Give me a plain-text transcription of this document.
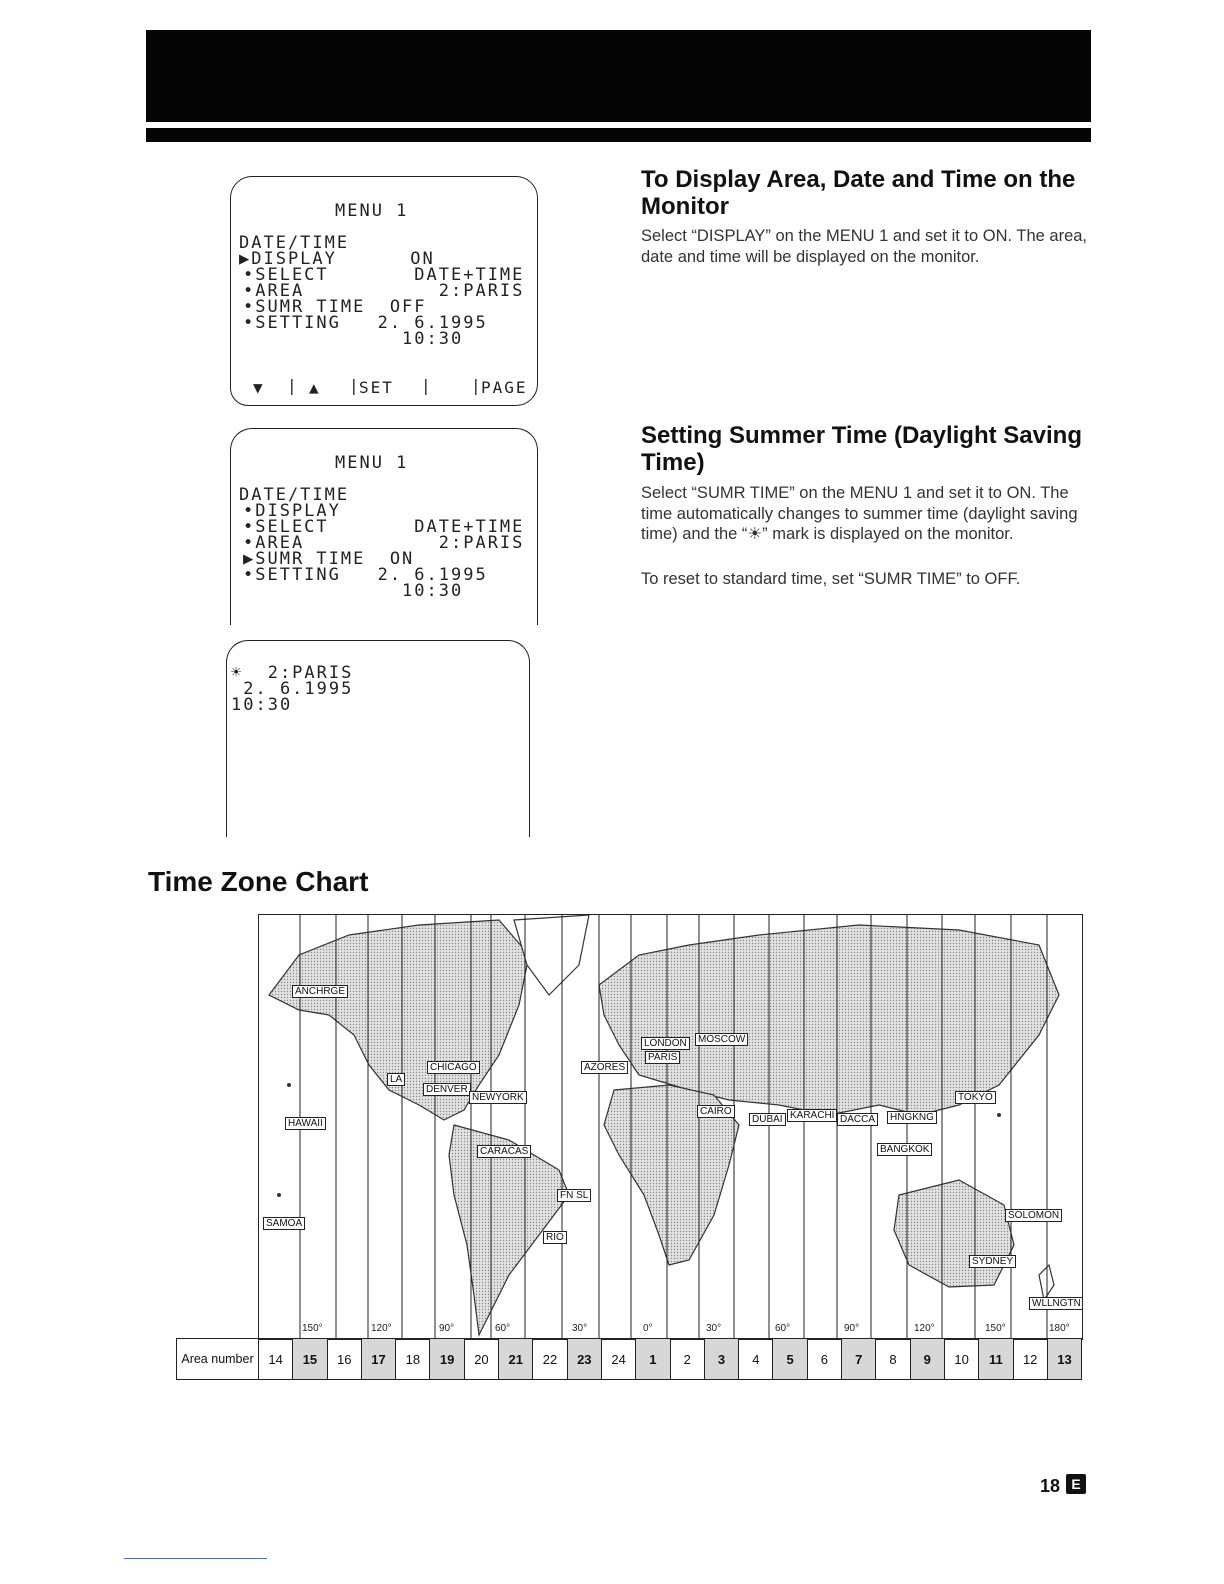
MENU 1
DATE/TIME
▶DISPLAY      ON
•SELECT       DATE+TIME
•AREA           2:PARIS
•SUMR TIME  OFF
•SETTING   2. 6.1995
10:30
▼ | ▲ |
SET | |
PAGE
MENU 1
DATE/TIME
•DISPLAY
•SELECT       DATE+TIME
•AREA           2:PARIS
▶SUMR TIME  ON
•SETTING   2. 6.1995
10:30
☀  2:PARIS
2. 6.1995
10:30
To Display Area, Date and Time on the Monitor
Select “DISPLAY” on the MENU 1 and set it to ON. The area, date and time will be displayed on the monitor.
Setting Summer Time (Daylight Saving Time)
Select “SUMR TIME” on the MENU 1 and set it to ON. The time automatically changes to summer time (daylight saving time) and the “☀” mark is displayed on the monitor.
To reset to standard time, set “SUMR TIME” to OFF.
Time Zone Chart
ANCHRGE
CHICAGO
LA
DENVER
NEWYORK
HAWAII
CARACAS
SAMOA
FN SL
RIO
AZORES
LONDON
PARIS
MOSCOW
CAIRO
DUBAI KARACHI DACCA	HNGKNG
TOKYO
BANGKOK
SOLOMON
SYDNEY
WLLNGTN
150°	120°	90°	60°	30°	0°	30°	60°	90°	120°	150°	180°
Area number	14	15	16	17	18	19	20	21	22	23	24	1	2	3	4	5	6	7	8	9	10	11	12	13
18 E
